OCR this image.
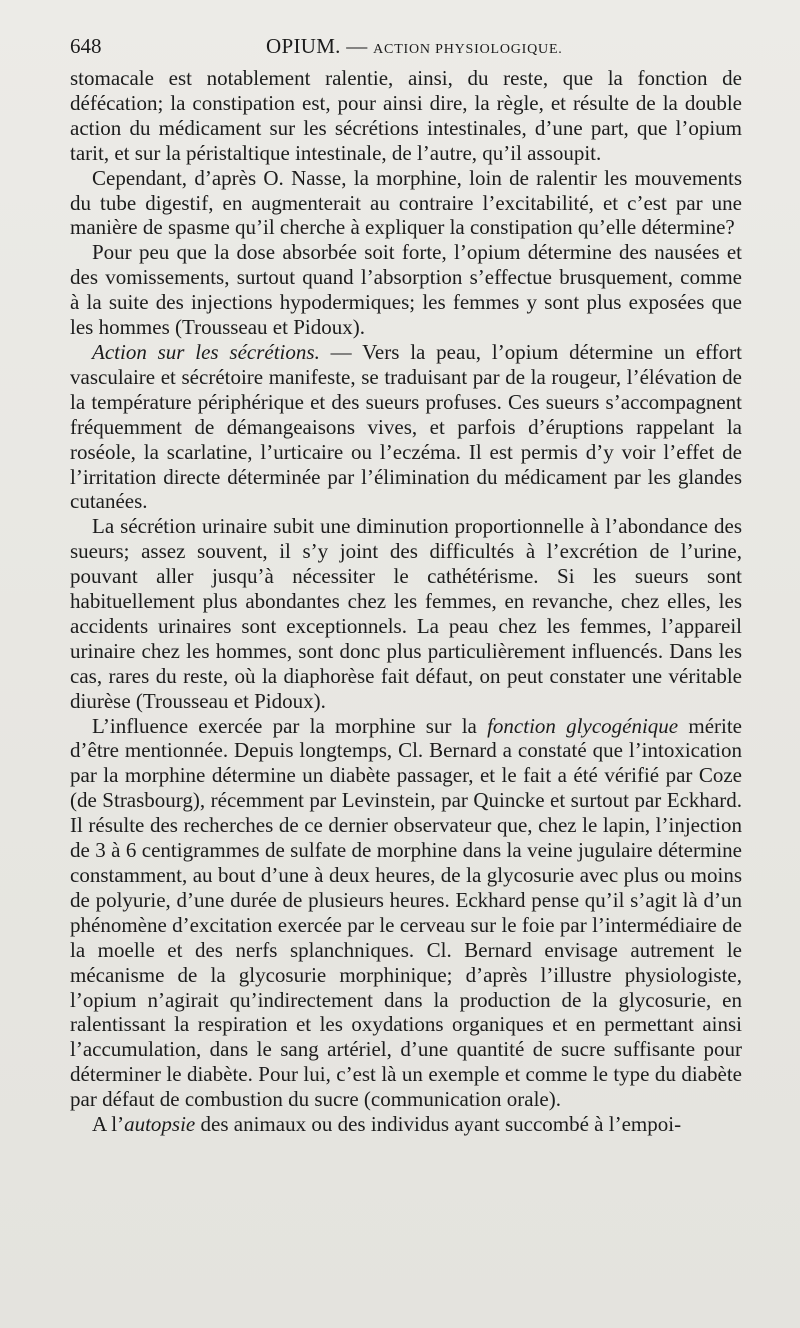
648	OPIUM. — ACTION PHYSIOLOGIQUE.

stomacale est notablement ralentie, ainsi, du reste, que la fonction de défécation; la constipation est, pour ainsi dire, la règle, et résulte de la double action du médicament sur les sécrétions intestinales, d’une part, que l’opium tarit, et sur la péristaltique intestinale, de l’autre, qu’il assoupit.

Cependant, d’après O. Nasse, la morphine, loin de ralentir les mouvements du tube digestif, en augmenterait au contraire l’excitabilité, et c’est par une manière de spasme qu’il cherche à expliquer la constipation qu’elle détermine?

Pour peu que la dose absorbée soit forte, l’opium détermine des nausées et des vomissements, surtout quand l’absorption s’effectue brusquement, comme à la suite des injections hypodermiques; les femmes y sont plus exposées que les hommes (Trousseau et Pidoux).

Action sur les sécrétions. — Vers la peau, l’opium détermine un effort vasculaire et sécrétoire manifeste, se traduisant par de la rougeur, l’élévation de la température périphérique et des sueurs profuses. Ces sueurs s’accompagnent fréquemment de démangeaisons vives, et parfois d’éruptions rappelant la roséole, la scarlatine, l’urticaire ou l’eczéma. Il est permis d’y voir l’effet de l’irritation directe déterminée par l’élimination du médicament par les glandes cutanées.

La sécrétion urinaire subit une diminution proportionnelle à l’abondance des sueurs; assez souvent, il s’y joint des difficultés à l’excrétion de l’urine, pouvant aller jusqu’à nécessiter le cathétérisme. Si les sueurs sont habituellement plus abondantes chez les femmes, en revanche, chez elles, les accidents urinaires sont exceptionnels. La peau chez les femmes, l’appareil urinaire chez les hommes, sont donc plus particulièrement influencés. Dans les cas, rares du reste, où la diaphorèse fait défaut, on peut constater une véritable diurèse (Trousseau et Pidoux).

L’influence exercée par la morphine sur la fonction glycogénique mérite d’être mentionnée. Depuis longtemps, Cl. Bernard a constaté que l’intoxication par la morphine détermine un diabète passager, et le fait a été vérifié par Coze (de Strasbourg), récemment par Levinstein, par Quincke et surtout par Eckhard. Il résulte des recherches de ce dernier observateur que, chez le lapin, l’injection de 3 à 6 centigrammes de sulfate de morphine dans la veine jugulaire détermine constamment, au bout d’une à deux heures, de la glycosurie avec plus ou moins de polyurie, d’une durée de plusieurs heures. Eckhard pense qu’il s’agit là d’un phénomène d’excitation exercée par le cerveau sur le foie par l’intermédiaire de la moelle et des nerfs splanchniques. Cl. Bernard envisage autrement le mécanisme de la glycosurie morphinique; d’après l’illustre physiologiste, l’opium n’agirait qu’indirectement dans la production de la glycosurie, en ralentissant la respiration et les oxydations organiques et en permettant ainsi l’accumulation, dans le sang artériel, d’une quantité de sucre suffisante pour déterminer le diabète. Pour lui, c’est là un exemple et comme le type du diabète par défaut de combustion du sucre (communication orale).

A l’autopsie des animaux ou des individus ayant succombé à l’empoi-
